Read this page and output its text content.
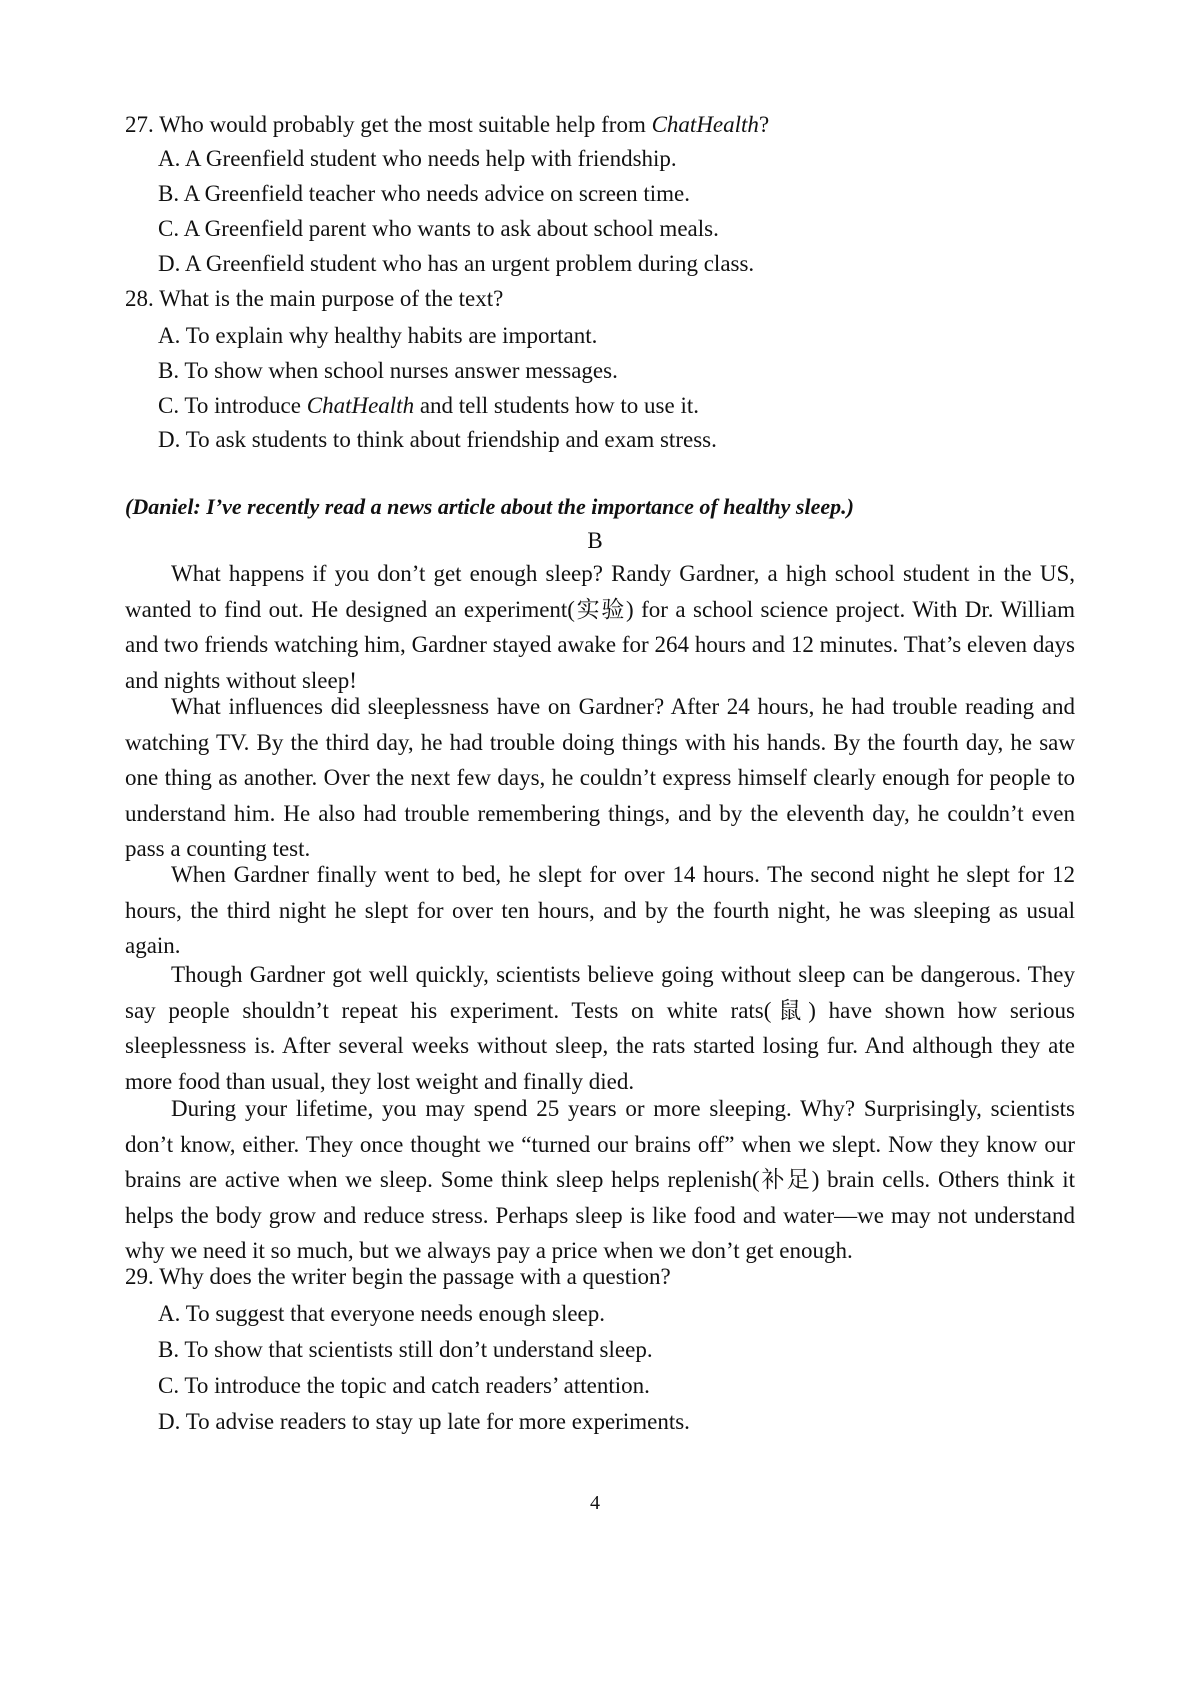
27. Who would probably get the most suitable help from ChatHealth?
A. A Greenfield student who needs help with friendship.
B. A Greenfield teacher who needs advice on screen time.
C. A Greenfield parent who wants to ask about school meals.
D. A Greenfield student who has an urgent problem during class.
28. What is the main purpose of the text?
A. To explain why healthy habits are important.
B. To show when school nurses answer messages.
C. To introduce ChatHealth and tell students how to use it.
D. To ask students to think about friendship and exam stress.
(Daniel: I’ve recently read a news article about the importance of healthy sleep.)
B
What happens if you don’t get enough sleep? Randy Gardner, a high school student in the US, wanted to find out. He designed an experiment(实验) for a school science project. With Dr. William and two friends watching him, Gardner stayed awake for 264 hours and 12 minutes. That’s eleven days and nights without sleep!
What influences did sleeplessness have on Gardner? After 24 hours, he had trouble reading and watching TV. By the third day, he had trouble doing things with his hands. By the fourth day, he saw one thing as another. Over the next few days, he couldn’t express himself clearly enough for people to understand him. He also had trouble remembering things, and by the eleventh day, he couldn’t even pass a counting test.
When Gardner finally went to bed, he slept for over 14 hours. The second night he slept for 12 hours, the third night he slept for over ten hours, and by the fourth night, he was sleeping as usual again.
Though Gardner got well quickly, scientists believe going without sleep can be dangerous. They say people shouldn’t repeat his experiment. Tests on white rats(鼠) have shown how serious sleeplessness is. After several weeks without sleep, the rats started losing fur. And although they ate more food than usual, they lost weight and finally died.
During your lifetime, you may spend 25 years or more sleeping. Why? Surprisingly, scientists don’t know, either. They once thought we “turned our brains off” when we slept. Now they know our brains are active when we sleep. Some think sleep helps replenish(补足) brain cells. Others think it helps the body grow and reduce stress. Perhaps sleep is like food and water—we may not understand why we need it so much, but we always pay a price when we don’t get enough.
29. Why does the writer begin the passage with a question?
A. To suggest that everyone needs enough sleep.
B. To show that scientists still don’t understand sleep.
C. To introduce the topic and catch readers’ attention.
D. To advise readers to stay up late for more experiments.
4
